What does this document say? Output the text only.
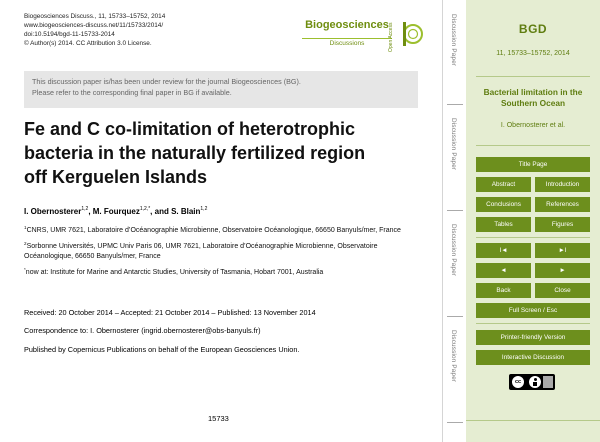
Biogeosciences Discuss., 11, 15733–15752, 2014
www.biogeosciences-discuss.net/11/15733/2014/
doi:10.5194/bgd-11-15733-2014
© Author(s) 2014. CC Attribution 3.0 License.
Biogeosciences
Discussions	Open Access
This discussion paper is/has been under review for the journal Biogeosciences (BG).
Please refer to the corresponding final paper in BG if available.
Fe and C co-limitation of heterotrophic
bacteria in the naturally fertilized region
off Kerguelen Islands
I. Obernosterer$^{1,2}$, M. Fourquez$^{1,2,*}$, and S. Blain$^{1,2}$
$^1$CNRS, UMR 7621, Laboratoire d’Océanographie Microbienne, Observatoire Océanologique, 66650 Banyuls/mer, France
$^2$Sorbonne Universités, UPMC Univ Paris 06, UMR 7621, Laboratoire d’Océanographie Microbienne, Observatoire Océanologique, 66650 Banyuls/mer, France
*now at: Institute for Marine and Antarctic Studies, University of Tasmania, Hobart 7001, Australia
Received: 20 October 2014 – Accepted: 21 October 2014 – Published: 13 November 2014
Correspondence to: I. Obernosterer (ingrid.obernosterer@obs-banyuls.fr)
Published by Copernicus Publications on behalf of the European Geosciences Union.
15733
Discussion Paper
Discussion Paper
Discussion Paper
Discussion Paper
BGD
11, 15733–15752, 2014
Bacterial limitation in the Southern Ocean
I. Obernosterer et al.
Title Page
Abstract	Introduction
Conclusions	References
Tables	Figures
I◄	►I
◄	►
Back	Close
Full Screen / Esc
Printer-friendly Version
Interactive Discussion
cc
